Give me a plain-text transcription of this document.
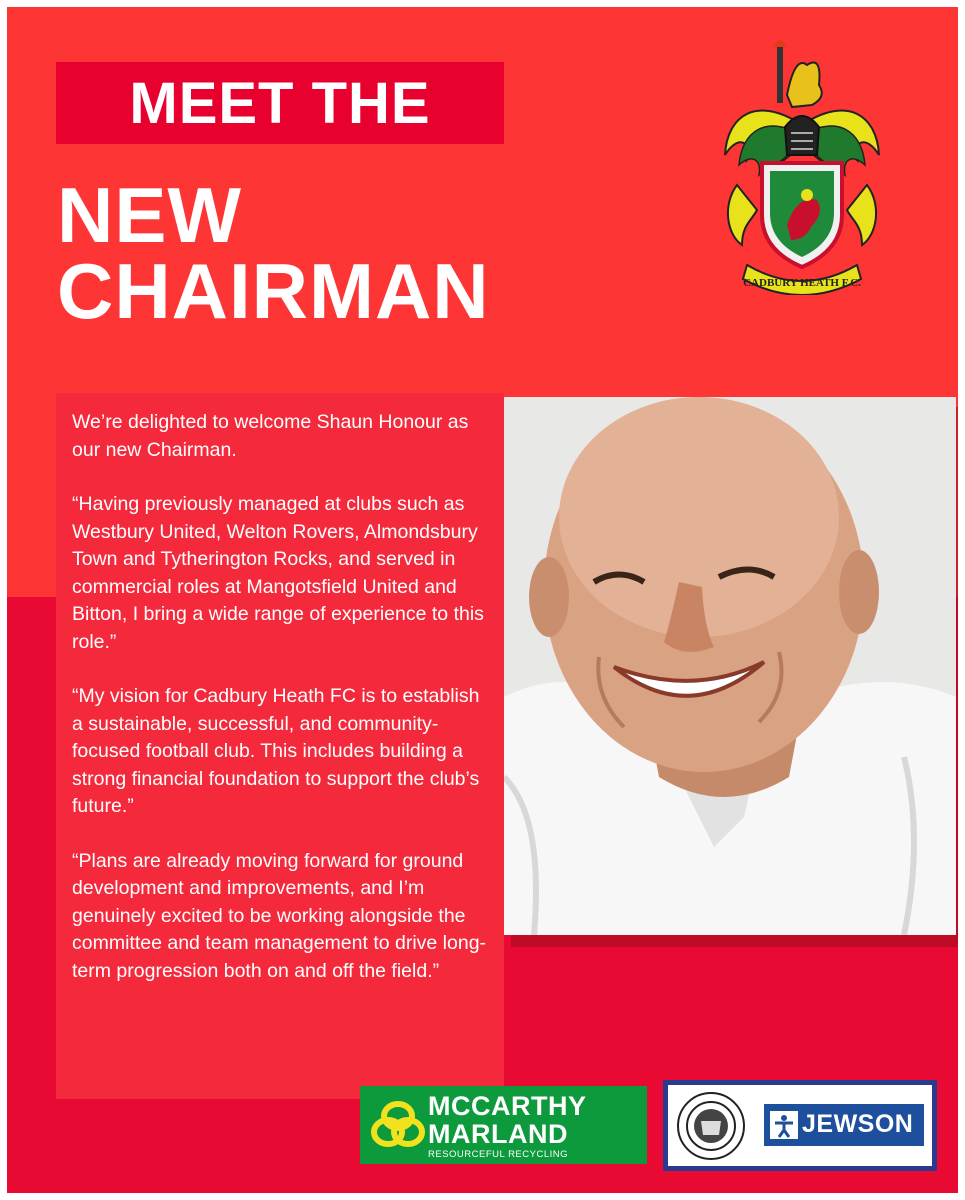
MEET THE
NEW
CHAIRMAN	CADBURY HEATH F.C.

We’re delighted to welcome Shaun Honour as our new Chairman.

“Having previously managed at clubs such as Westbury United, Welton Rovers, Almondsbury Town and Tytherington Rocks, and served in commercial roles at Mangotsfield United and Bitton, I bring a wide range of experience to this role.”

“My vision for Cadbury Heath FC is to establish a sustainable, successful, and community-focused football club. This includes building a strong financial foundation to support the club’s future.”

“Plans are already moving forward for ground development and improvements, and I’m genuinely excited to be working alongside the committee and team management to drive long-term progression both on and off the field.”

MCCARTHY
MARLAND
RESOURCEFUL RECYCLING
JEWSON
